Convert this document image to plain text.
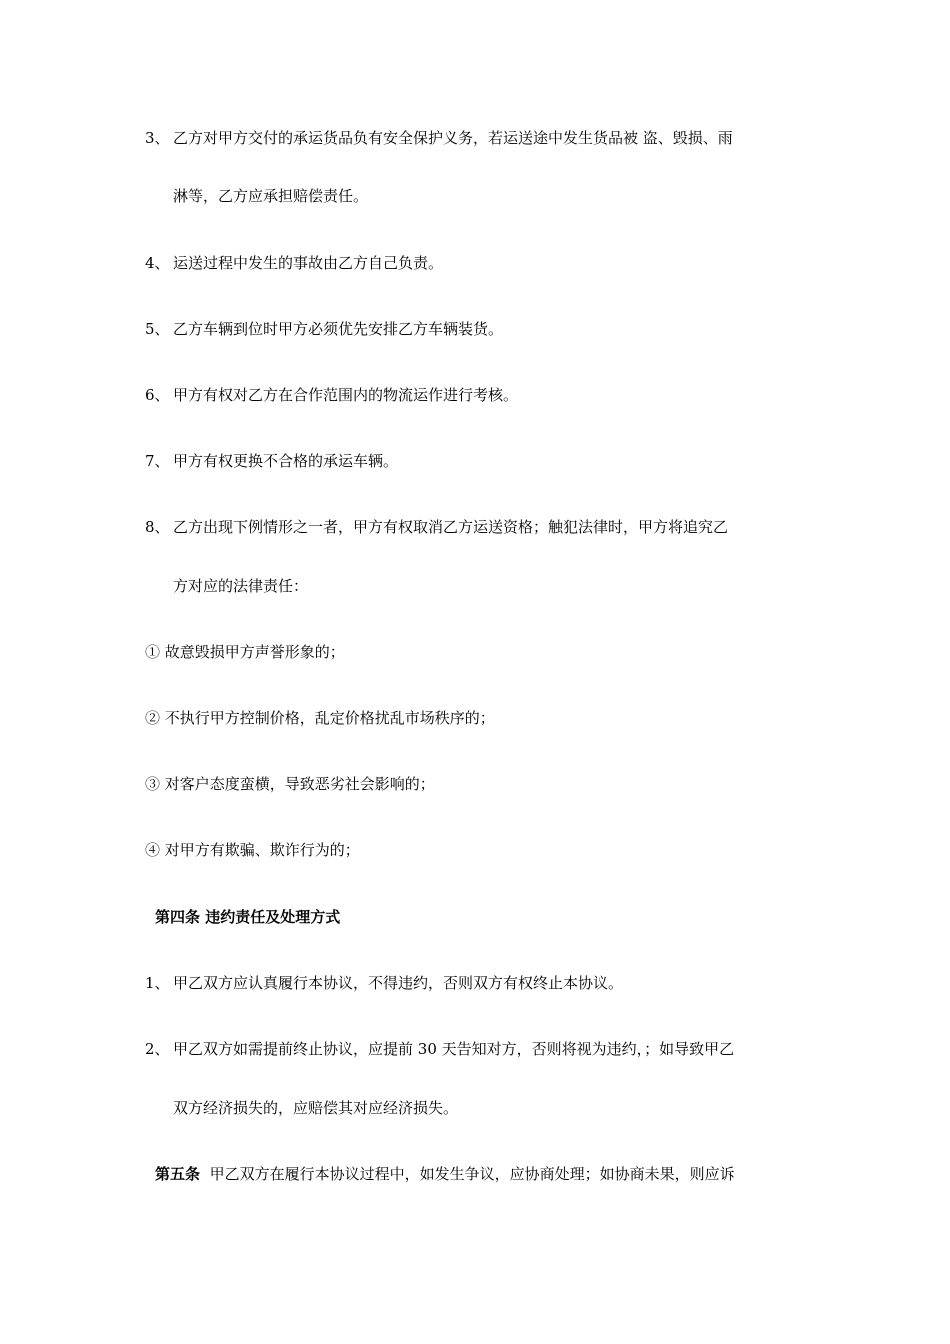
3、 乙方对甲方交付的承运货品负有安全保护义务，若运送途中发生货品被 盗、毁损、雨
淋等，乙方应承担赔偿责任。
4、 运送过程中发生的事故由乙方自己负责。
5、 乙方车辆到位时甲方必须优先安排乙方车辆装货。
6、 甲方有权对乙方在合作范围内的物流运作进行考核。
7、 甲方有权更换不合格的承运车辆。
8、 乙方出现下例情形之一者，甲方有权取消乙方运送资格；触犯法律时，甲方将追究乙
方对应的法律责任：
① 故意毁损甲方声誉形象的；
② 不执行甲方控制价格，乱定价格扰乱市场秩序的；
③ 对客户态度蛮横，导致恶劣社会影响的；
④ 对甲方有欺骗、欺诈行为的；
第四条 违约责任及处理方式
1、 甲乙双方应认真履行本协议，不得违约，否则双方有权终止本协议。
2、 甲乙双方如需提前终止协议，应提前 30 天告知对方，否则将视为违约，；如导致甲乙
双方经济损失的，应赔偿其对应经济损失。
第五条 甲乙双方在履行本协议过程中，如发生争议，应协商处理；如协商未果，则应诉
